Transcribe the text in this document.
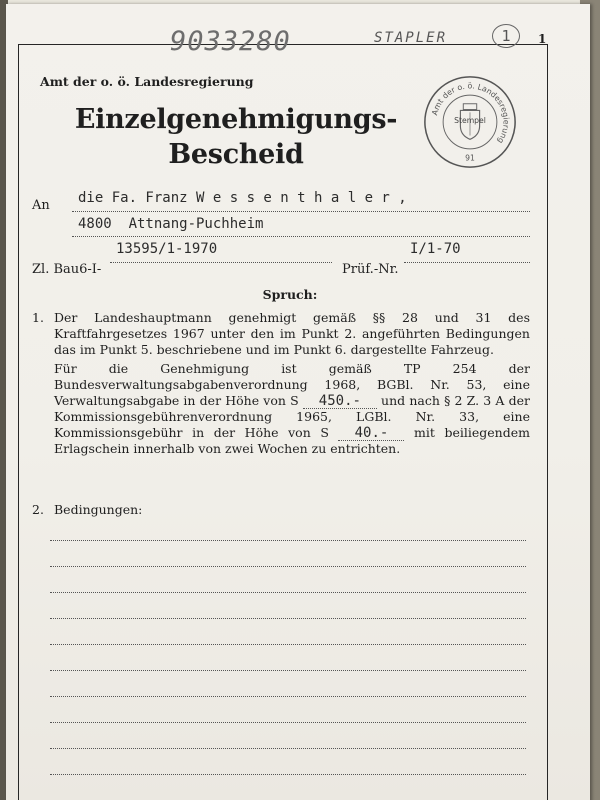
9033280	STAPLER	1	1
Amt der o. ö. Landesregierung
Einzelgenehmigungs-
Bescheid
Amt der o. ö. Landesregierung
Stempel
91
An die Fa. Franz W e s s e n t h a l e r ,
4800  Attnang-Puchheim
Zl. Bau6-I-
13595/1-1970
Prüf.-Nr.
I/1-70
Spruch:
1. Der Landeshauptmann genehmigt gemäß §§ 28 und 31 des Kraftfahrgesetzes 1967 unter den im Punkt 2. angeführten Bedingungen das im Punkt 5. beschriebene und im Punkt 6. dargestellte Fahrzeug.

Für die Genehmigung ist gemäß TP 254 der Bundesverwaltungsabgabenverordnung 1968, BGBl. Nr. 53, eine Verwaltungsabgabe in der Höhe von S 450.- und nach § 2 Z. 3 A der Kommissionsgebührenverordnung 1965, LGBl. Nr. 33, eine Kommissionsgebühr in der Höhe von S 40.- mit beiliegendem Erlagschein innerhalb von zwei Wochen zu entrichten.

2. Bedingungen:
